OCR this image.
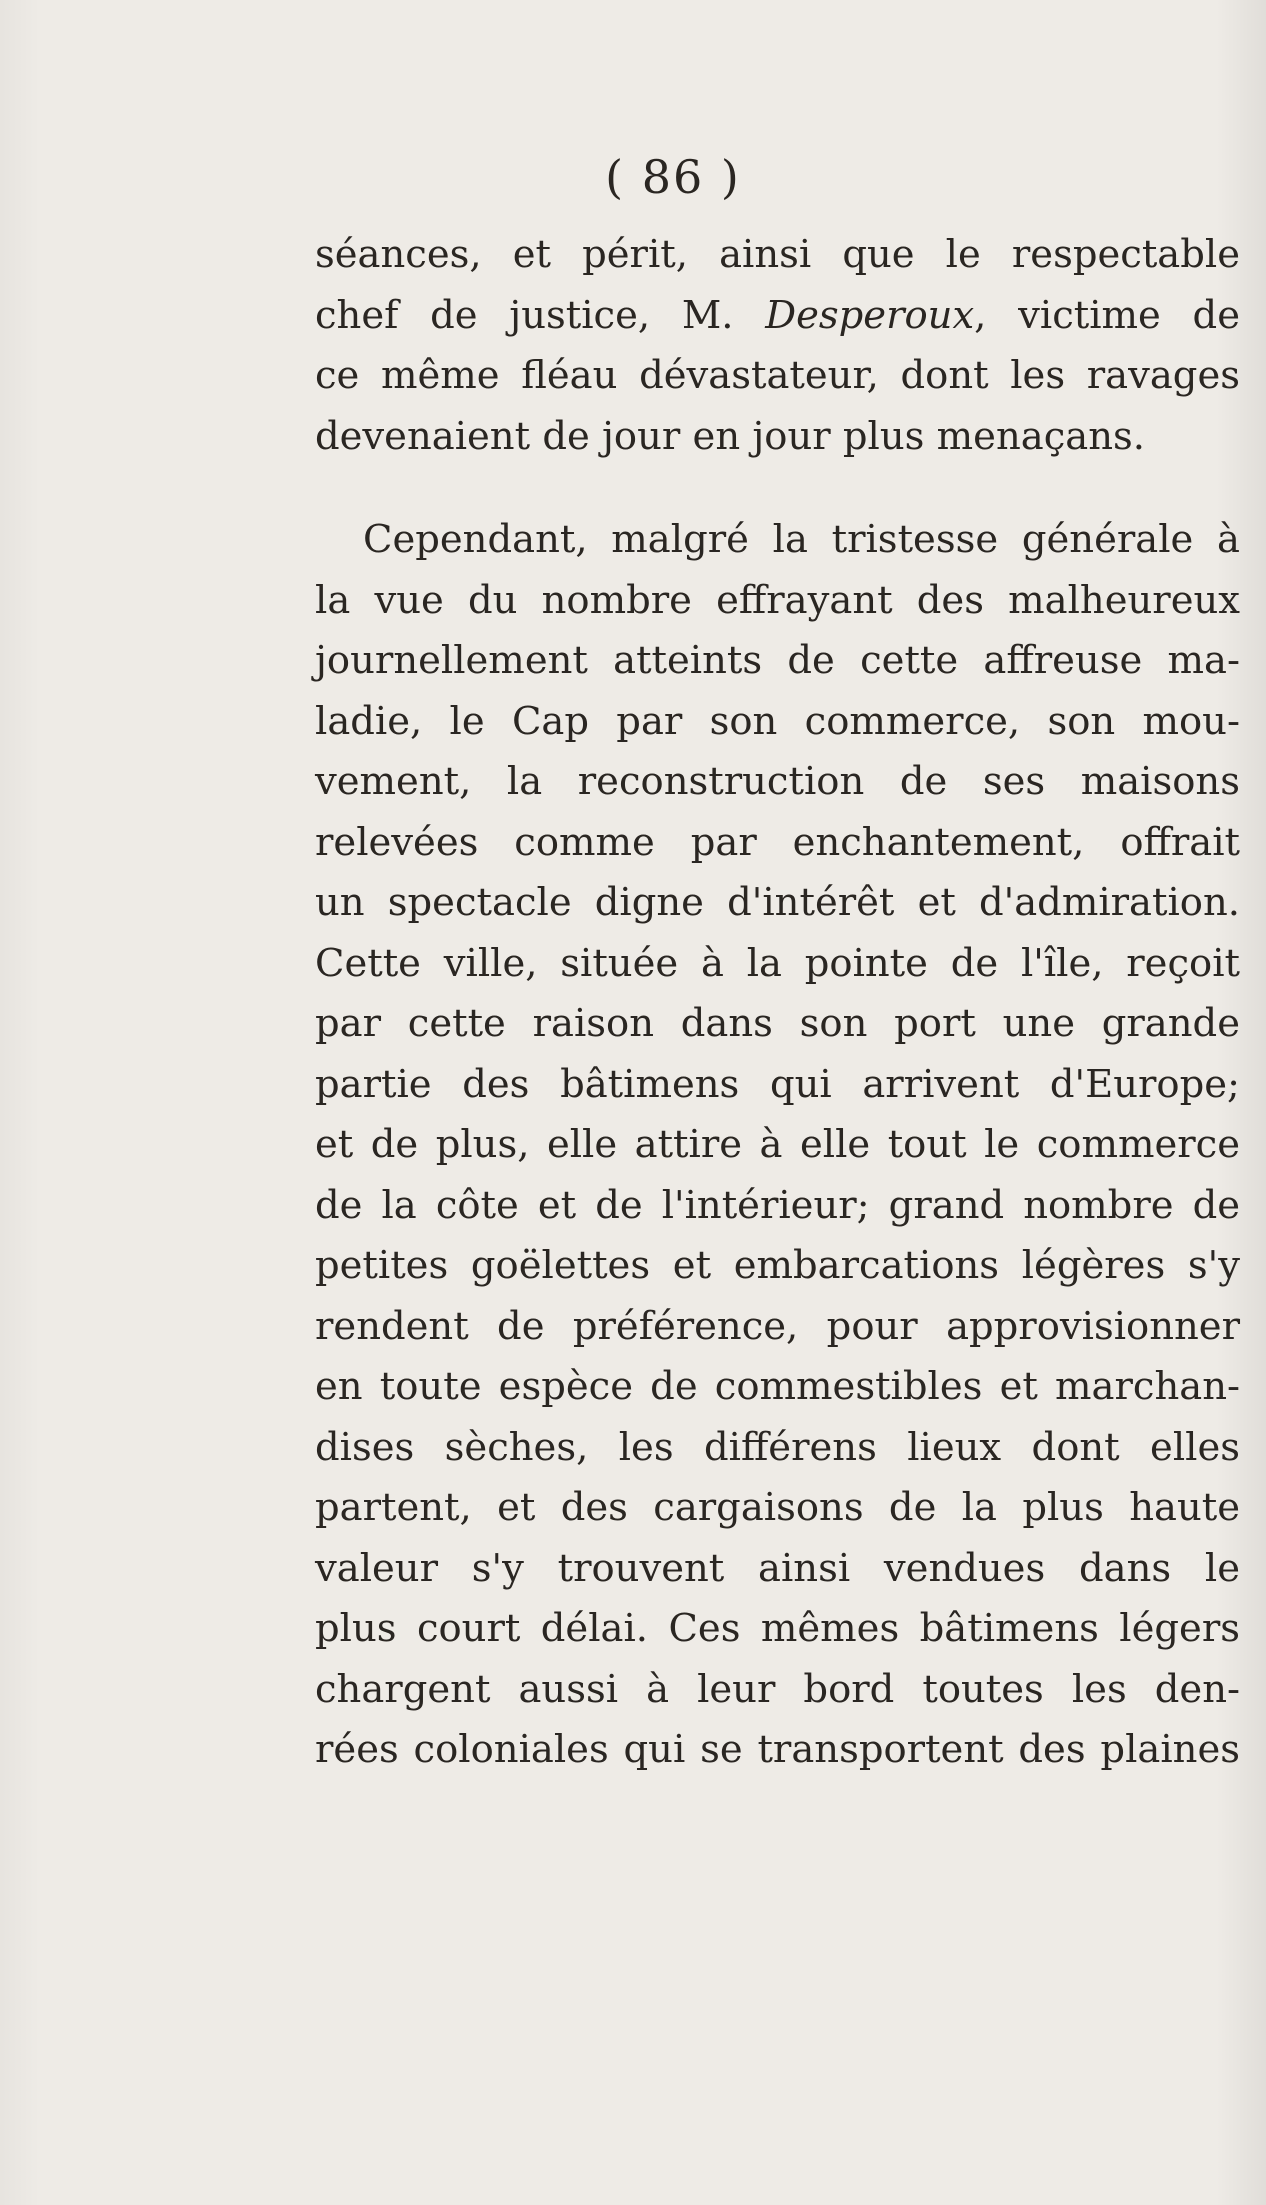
( 86 )
séances, et périt, ainsi que le respectable
chef de justice, M. Desperoux, victime de
ce même fléau dévastateur, dont les ravages
devenaient de jour en jour plus menaçans.
Cependant, malgré la tristesse générale à
la vue du nombre effrayant des malheureux
journellement atteints de cette affreuse ma-
ladie, le Cap par son commerce, son mou-
vement, la reconstruction de ses maisons
relevées comme par enchantement, offrait
un spectacle digne d'intérêt et d'admiration.
Cette ville, située à la pointe de l'île, reçoit
par cette raison dans son port une grande
partie des bâtimens qui arrivent d'Europe;
et de plus, elle attire à elle tout le commerce
de la côte et de l'intérieur; grand nombre de
petites goëlettes et embarcations légères s'y
rendent de préférence, pour approvisionner
en toute espèce de commestibles et marchan-
dises sèches, les différens lieux dont elles
partent, et des cargaisons de la plus haute
valeur s'y trouvent ainsi vendues dans le
plus court délai. Ces mêmes bâtimens légers
chargent aussi à leur bord toutes les den-
rées coloniales qui se transportent des plaines
